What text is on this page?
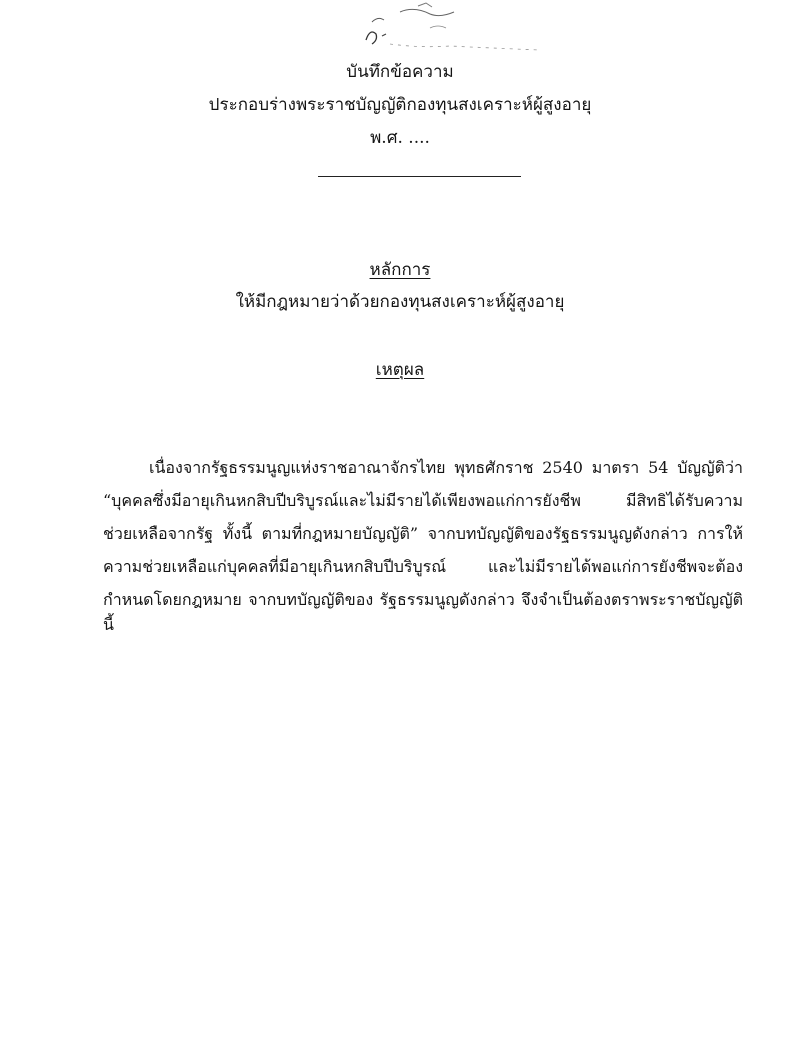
บันทึกข้อความ
ประกอบร่างพระราชบัญญัติกองทุนสงเคราะห์ผู้สูงอายุ
พ.ศ. ....
หลักการ
ให้มีกฎหมายว่าด้วยกองทุนสงเคราะห์ผู้สูงอายุ
เหตุผล
เนื่องจากรัฐธรรมนูญแห่งราชอาณาจักรไทย พุทธศักราช 2540 มาตรา 54 บัญญัติว่า
“บุคคลซึ่งมีอายุเกินหกสิบปีบริบูรณ์และไม่มีรายได้เพียงพอแก่การยังชีพ มีสิทธิได้รับความ
ช่วยเหลือจากรัฐ ทั้งนี้ ตามที่กฎหมายบัญญัติ” จากบทบัญญัติของรัฐธรรมนูญดังกล่าว การให้
ความช่วยเหลือแก่บุคคลที่มีอายุเกินหกสิบปีบริบูรณ์ และไม่มีรายได้พอแก่การยังชีพจะต้อง
กำหนดโดยกฎหมาย จากบทบัญญัติของ รัฐธรรมนูญดังกล่าว จึงจำเป็นต้องตราพระราชบัญญัตินี้
